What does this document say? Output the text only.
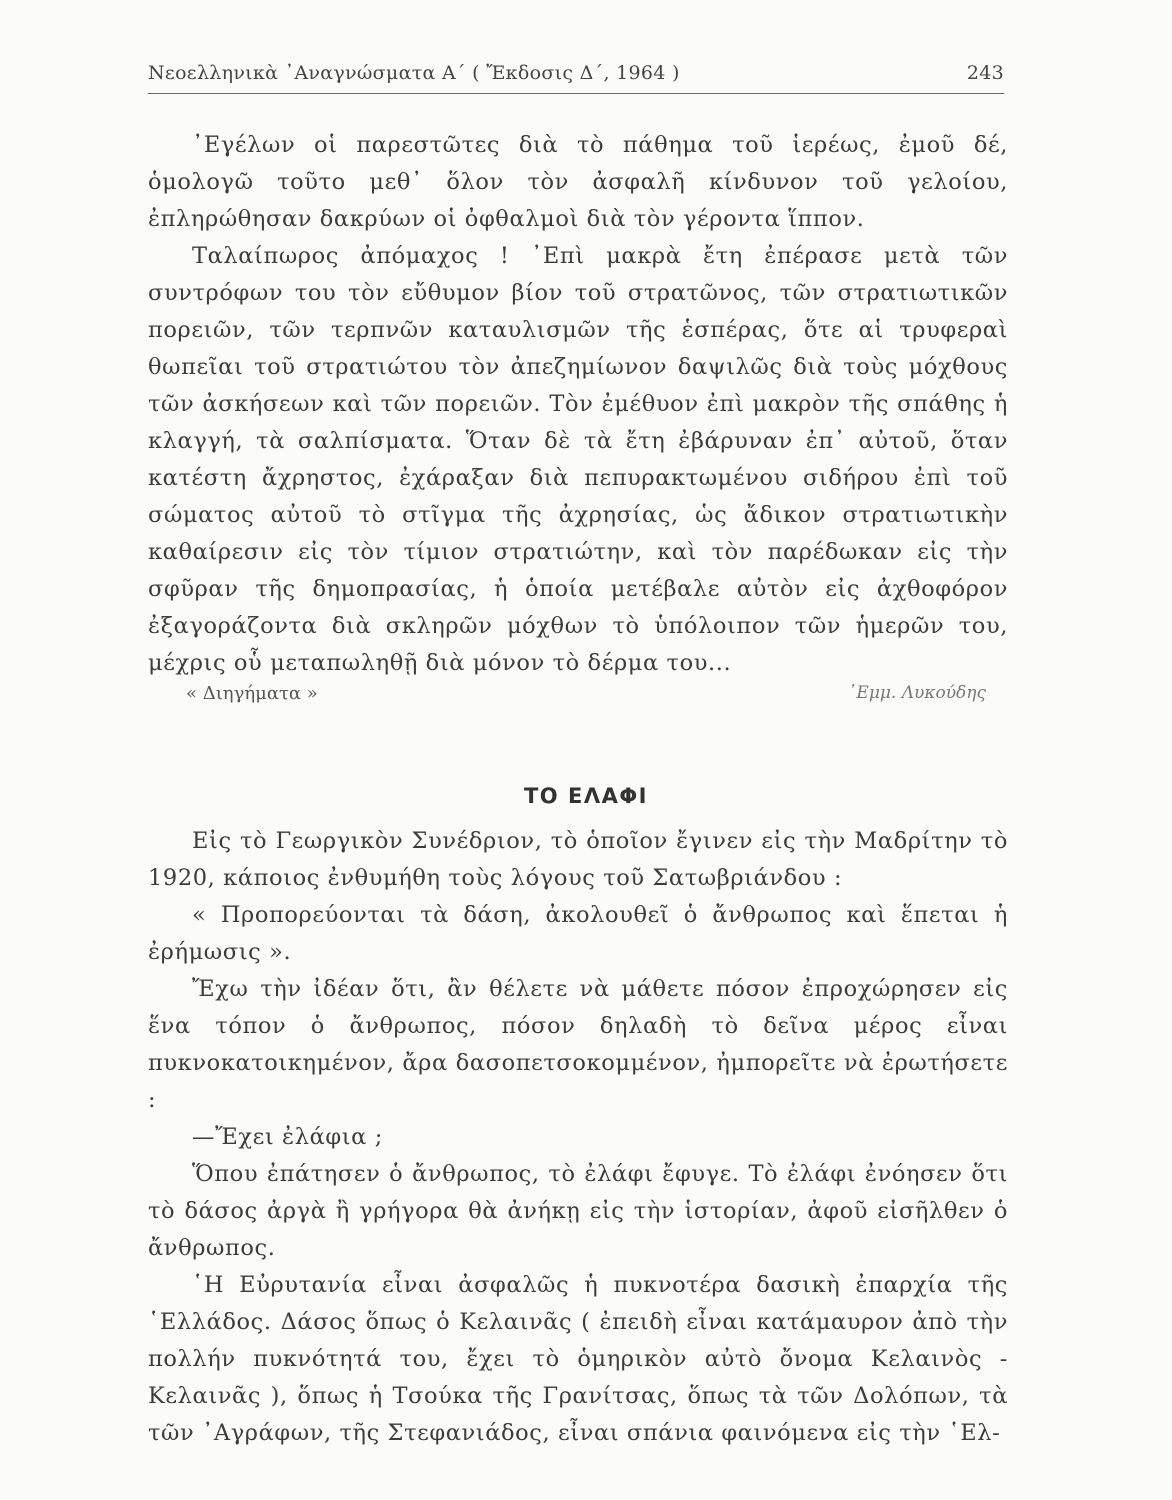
Νεοελληνικὰ ᾿Αναγνώσματα Α΄ ( Ἔκδοσις Δ΄, 1964 )	243

᾿Εγέλων οἱ παρεστῶτες διὰ τὸ πάθημα τοῦ ἱερέως, ἐμοῦ δέ, ὁμολογῶ τοῦτο μεθ᾿ ὅλον τὸν ἀσφαλῆ κίνδυνον τοῦ γελοίου, ἐπληρώθησαν δακρύων οἱ ὀφθαλμοὶ διὰ τὸν γέροντα ἵππον.

Ταλαίπωρος ἀπόμαχος ! ᾿Επὶ μακρὰ ἔτη ἐπέρασε μετὰ τῶν συντρόφων του τὸν εὔθυμον βίον τοῦ στρατῶνος, τῶν στρατιωτικῶν πορειῶν, τῶν τερπνῶν καταυλισμῶν τῆς ἑσπέρας, ὅτε αἱ τρυφεραὶ θωπεῖαι τοῦ στρατιώτου τὸν ἀπεζημίωνον δαψιλῶς διὰ τοὺς μόχθους τῶν ἀσκήσεων καὶ τῶν πορειῶν. Τὸν ἐμέθυον ἐπὶ μακρὸν τῆς σπάθης ἡ κλαγγή, τὰ σαλπίσματα. Ὅταν δὲ τὰ ἔτη ἐβάρυναν ἐπ᾿ αὐτοῦ, ὅταν κατέστη ἄχρηστος, ἐχάραξαν διὰ πεπυρακτωμένου σιδήρου ἐπὶ τοῦ σώματος αὐτοῦ τὸ στῖγμα τῆς ἀχρησίας, ὡς ἄδικον στρατιωτικὴν καθαίρεσιν εἰς τὸν τίμιον στρατιώτην, καὶ τὸν παρέδωκαν εἰς τὴν σφῦραν τῆς δημοπρασίας, ἡ ὁποία μετέβαλε αὐτὸν εἰς ἀχθοφόρον ἐξαγοράζοντα διὰ σκληρῶν μόχθων τὸ ὑπόλοιπον τῶν ἡμερῶν του, μέχρις οὗ μεταπωληθῇ διὰ μόνον τὸ δέρμα του...

« Διηγήματα »	᾿Εμμ. Λυκούδης
ΤΟ ΕΛΑΦΙ

Εἰς τὸ Γεωργικὸν Συνέδριον, τὸ ὁποῖον ἔγινεν εἰς τὴν Μαδρίτην τὸ 1920, κάποιος ἐνθυμήθη τοὺς λόγους τοῦ Σατωβριάνδου :

« Προπορεύονται τὰ δάση, ἀκολουθεῖ ὁ ἄνθρωπος καὶ ἕπεται ἡ ἐρήμωσις ».

Ἔχω τὴν ἰδέαν ὅτι, ἂν θέλετε νὰ μάθετε πόσον ἐπροχώρησεν εἰς ἕνα τόπον ὁ ἄνθρωπος, πόσον δηλαδὴ τὸ δεῖνα μέρος εἶναι πυκνοκατοικημένον, ἄρα δασοπετσοκομμένον, ἠμπορεῖτε νὰ ἐρωτήσετε :

—Ἔχει ἐλάφια ;

Ὅπου ἐπάτησεν ὁ ἄνθρωπος, τὸ ἐλάφι ἔφυγε. Τὸ ἐλάφι ἐνόησεν ὅτι τὸ δάσος ἀργὰ ἢ γρήγορα θὰ ἀνήκῃ εἰς τὴν ἱστορίαν, ἀφοῦ εἰσῆλθεν ὁ ἄνθρωπος.

῾Η Εὐρυτανία εἶναι ἀσφαλῶς ἡ πυκνοτέρα δασικὴ ἐπαρχία τῆς ῾Ελλάδος. Δάσος ὅπως ὁ Κελαινᾶς ( ἐπειδὴ εἶναι κατάμαυρον ἀπὸ τὴν πολλήν πυκνότητά του, ἔχει τὸ ὁμηρικὸν αὐτὸ ὄνομα Κελαινὸς - Κελαινᾶς ), ὅπως ἡ Τσούκα τῆς Γρανίτσας, ὅπως τὰ τῶν Δολόπων, τὰ τῶν ᾿Αγράφων, τῆς Στεφανιάδος, εἶναι σπάνια φαινόμενα εἰς τὴν ῾Ελ-
